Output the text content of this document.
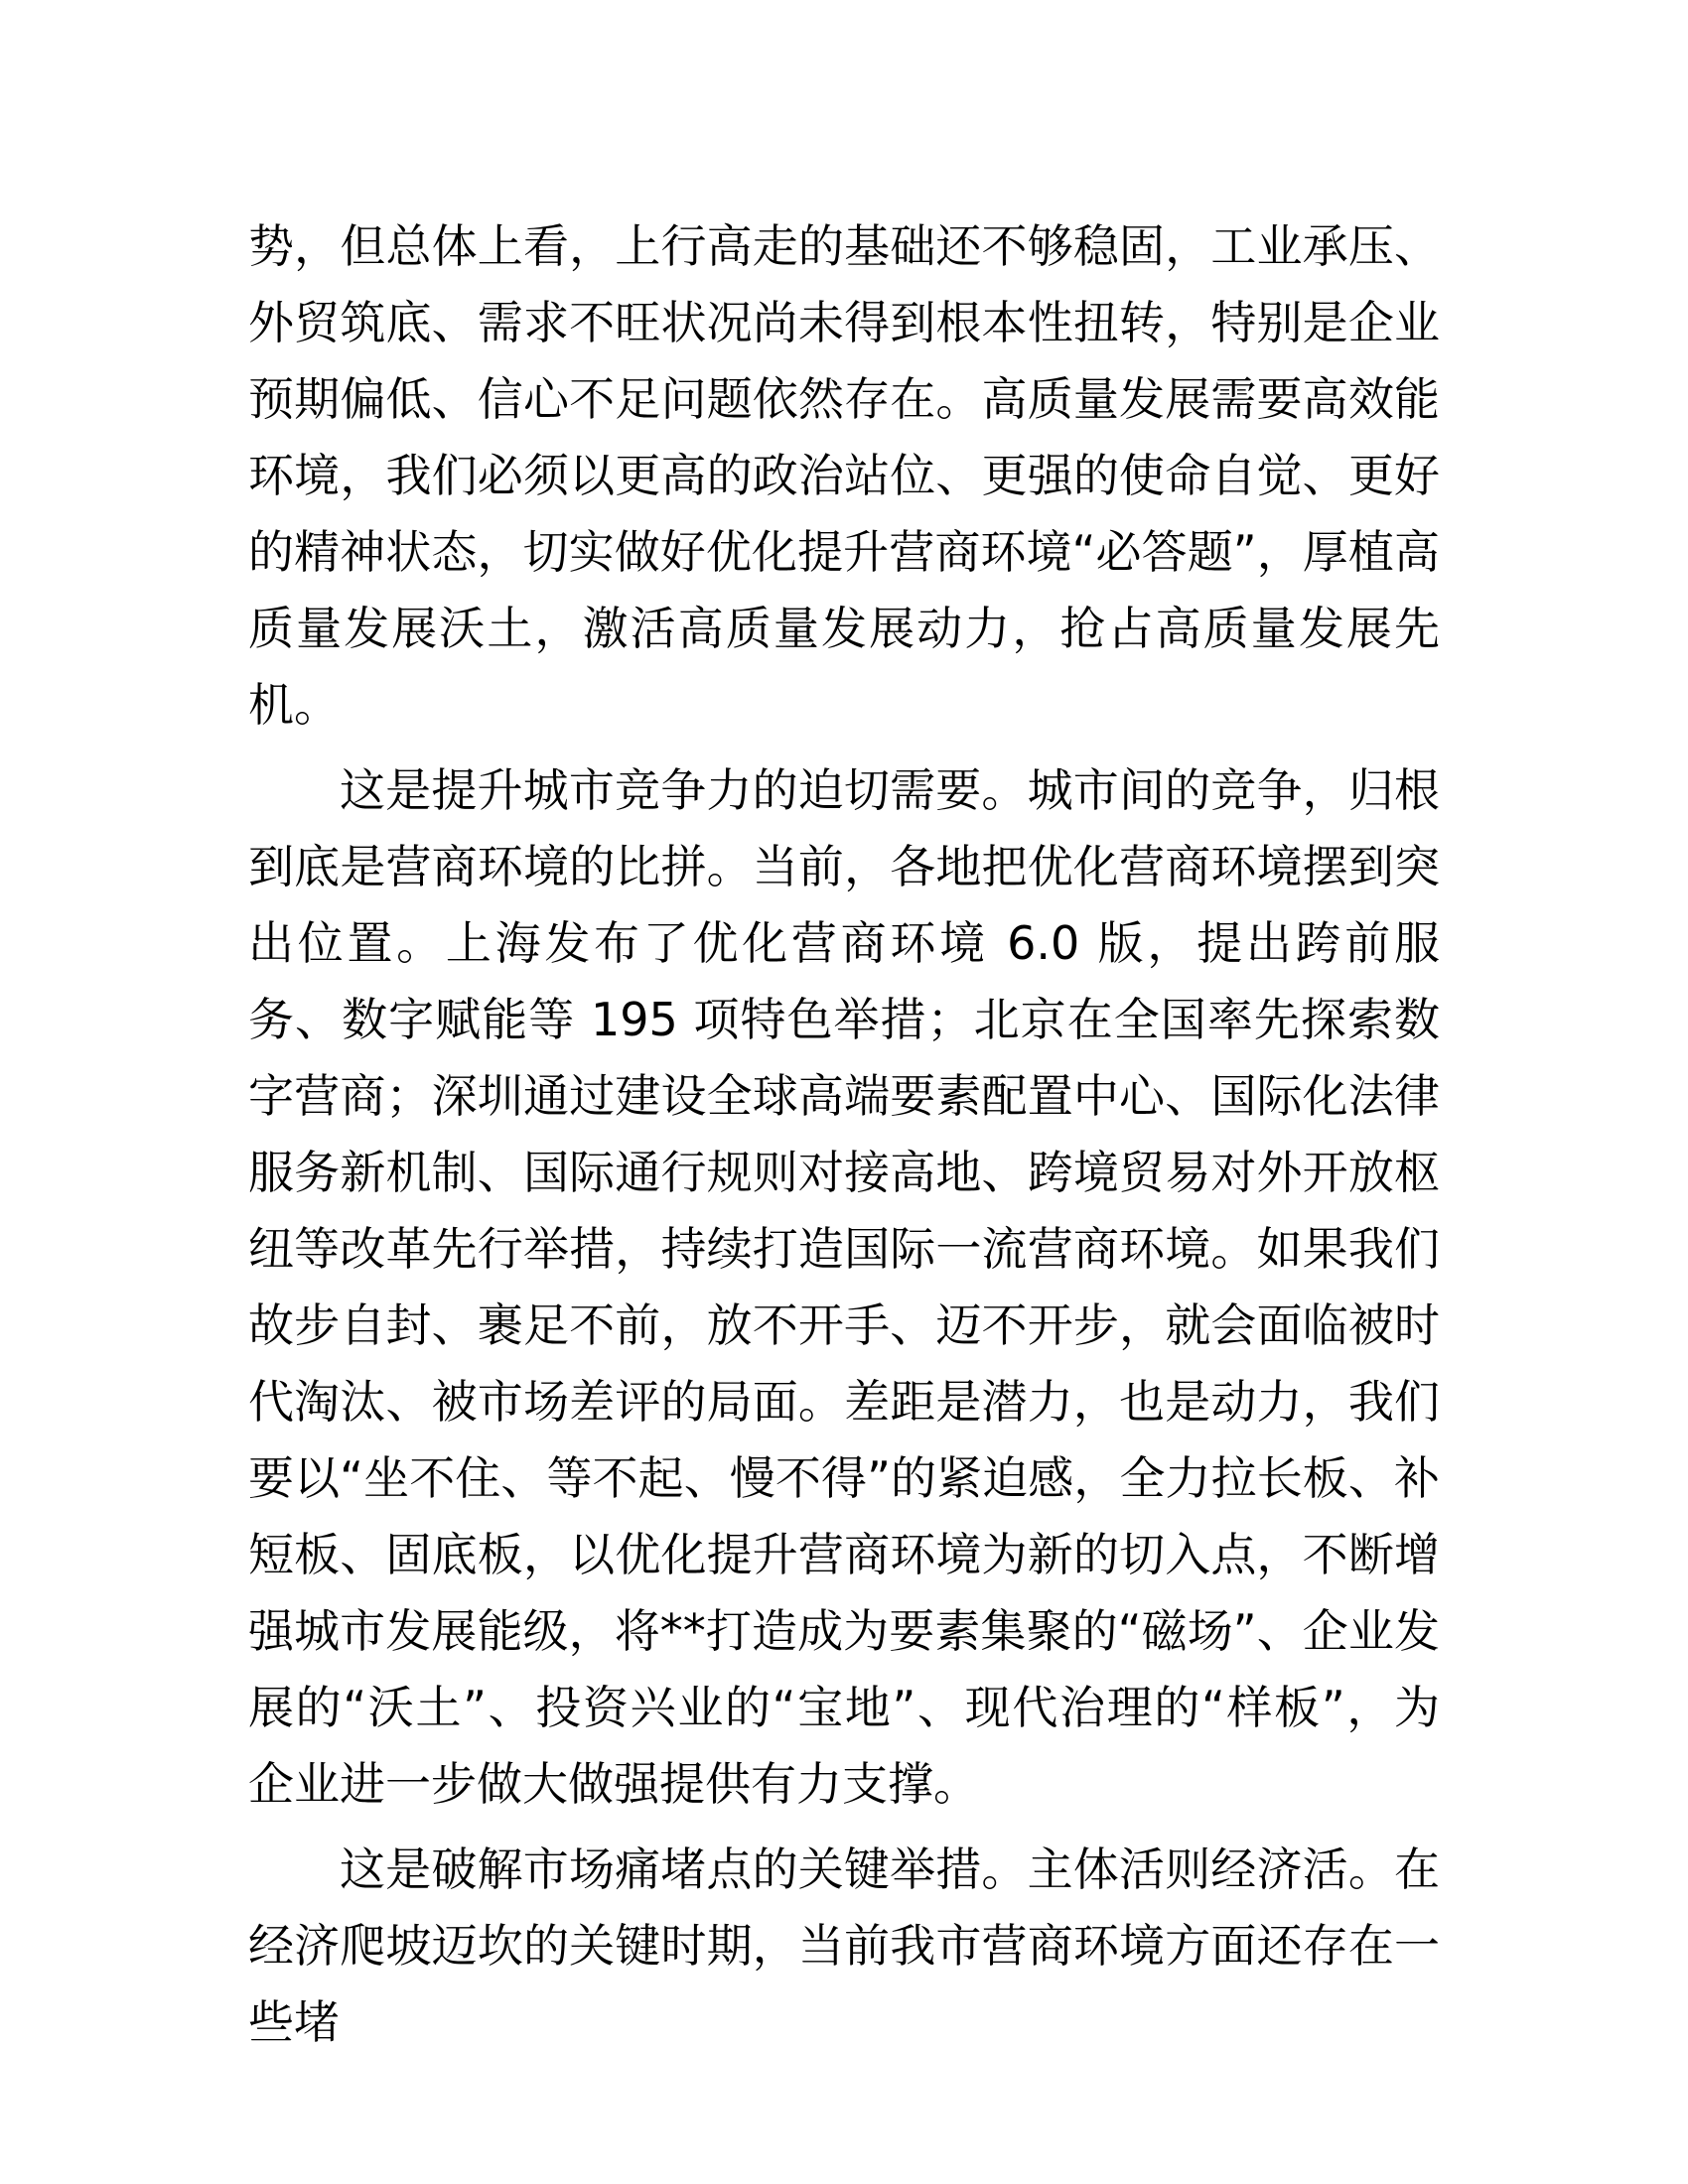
势，但总体上看，上行高走的基础还不够稳固，工业承压、外贸筑底、需求不旺状况尚未得到根本性扭转，特别是企业预期偏低、信心不足问题依然存在。高质量发展需要高效能环境，我们必须以更高的政治站位、更强的使命自觉、更好的精神状态，切实做好优化提升营商环境“必答题”，厚植高质量发展沃土，激活高质量发展动力，抢占高质量发展先机。

这是提升城市竞争力的迫切需要。城市间的竞争，归根到底是营商环境的比拼。当前，各地把优化营商环境摆到突出位置。上海发布了优化营商环境 6.0 版，提出跨前服务、数字赋能等 195 项特色举措；北京在全国率先探索数字营商；深圳通过建设全球高端要素配置中心、国际化法律服务新机制、国际通行规则对接高地、跨境贸易对外开放枢纽等改革先行举措，持续打造国际一流营商环境。如果我们故步自封、裹足不前，放不开手、迈不开步，就会面临被时代淘汰、被市场差评的局面。差距是潜力，也是动力，我们要以“坐不住、等不起、慢不得”的紧迫感，全力拉长板、补短板、固底板，以优化提升营商环境为新的切入点，不断增强城市发展能级，将**打造成为要素集聚的“磁场”、企业发展的“沃土”、投资兴业的“宝地”、现代治理的“样板”，为企业进一步做大做强提供有力支撑。

这是破解市场痛堵点的关键举措。主体活则经济活。在经济爬坡迈坎的关键时期，当前我市营商环境方面还存在一些堵
